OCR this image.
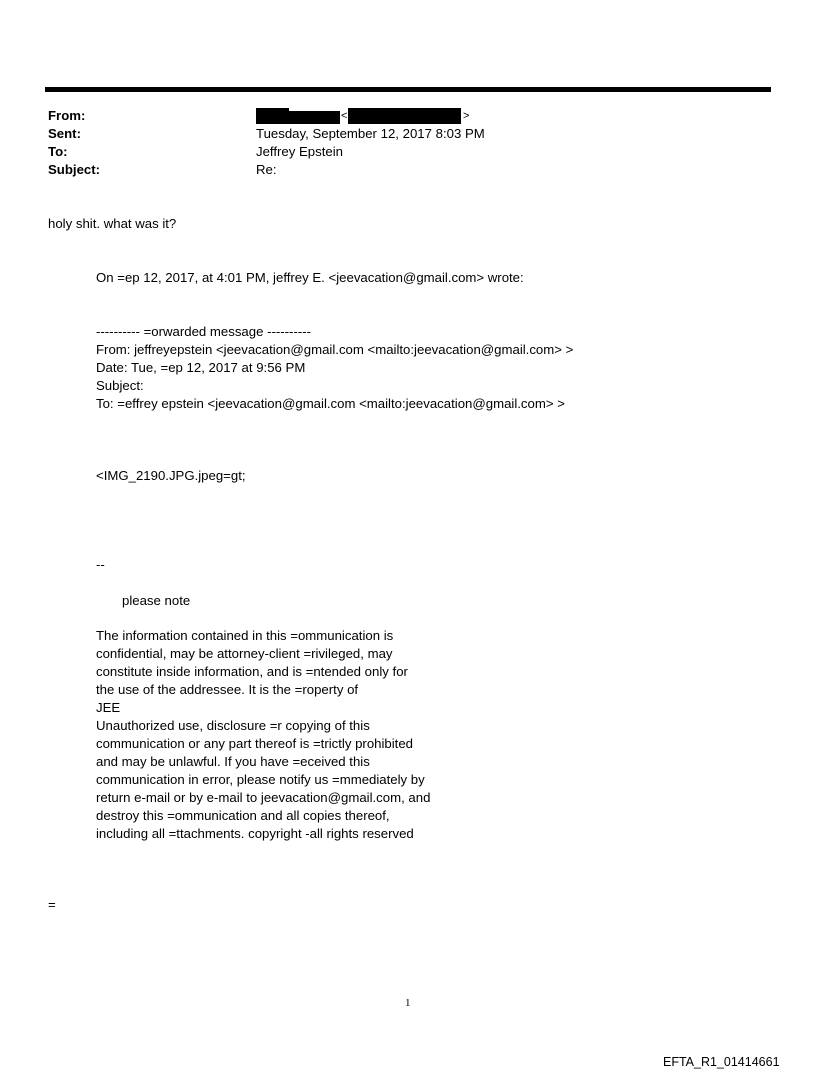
From:
Sent:
To:
Subject:
<	>
Tuesday, September 12, 2017 8:03 PM
Jeffrey Epstein
Re:
holy shit. what was it?
On =ep 12, 2017, at 4:01 PM, jeffrey E. <jeevacation@gmail.com> wrote:
---------- =orwarded message ----------
From: jeffreyepstein <jeevacation@gmail.com <mailto:jeevacation@gmail.com> >
Date: Tue, =ep 12, 2017 at 9:56 PM
Subject:
To: =effrey epstein <jeevacation@gmail.com <mailto:jeevacation@gmail.com> >
<IMG_2190.JPG.jpeg=gt;
--
please note
The information contained in this =ommunication is
confidential, may be attorney-client =rivileged, may
constitute inside information, and is =ntended only for
the use of the addressee. It is the =roperty of
JEE
Unauthorized use, disclosure =r copying of this
communication or any part thereof is =trictly prohibited
and may be unlawful. If you have =eceived this
communication in error, please notify us =mmediately by
return e-mail or by e-mail to jeevacation@gmail.com, and
destroy this =ommunication and all copies thereof,
including all =ttachments. copyright -all rights reserved
=
1
EFTA_R1_01414661
